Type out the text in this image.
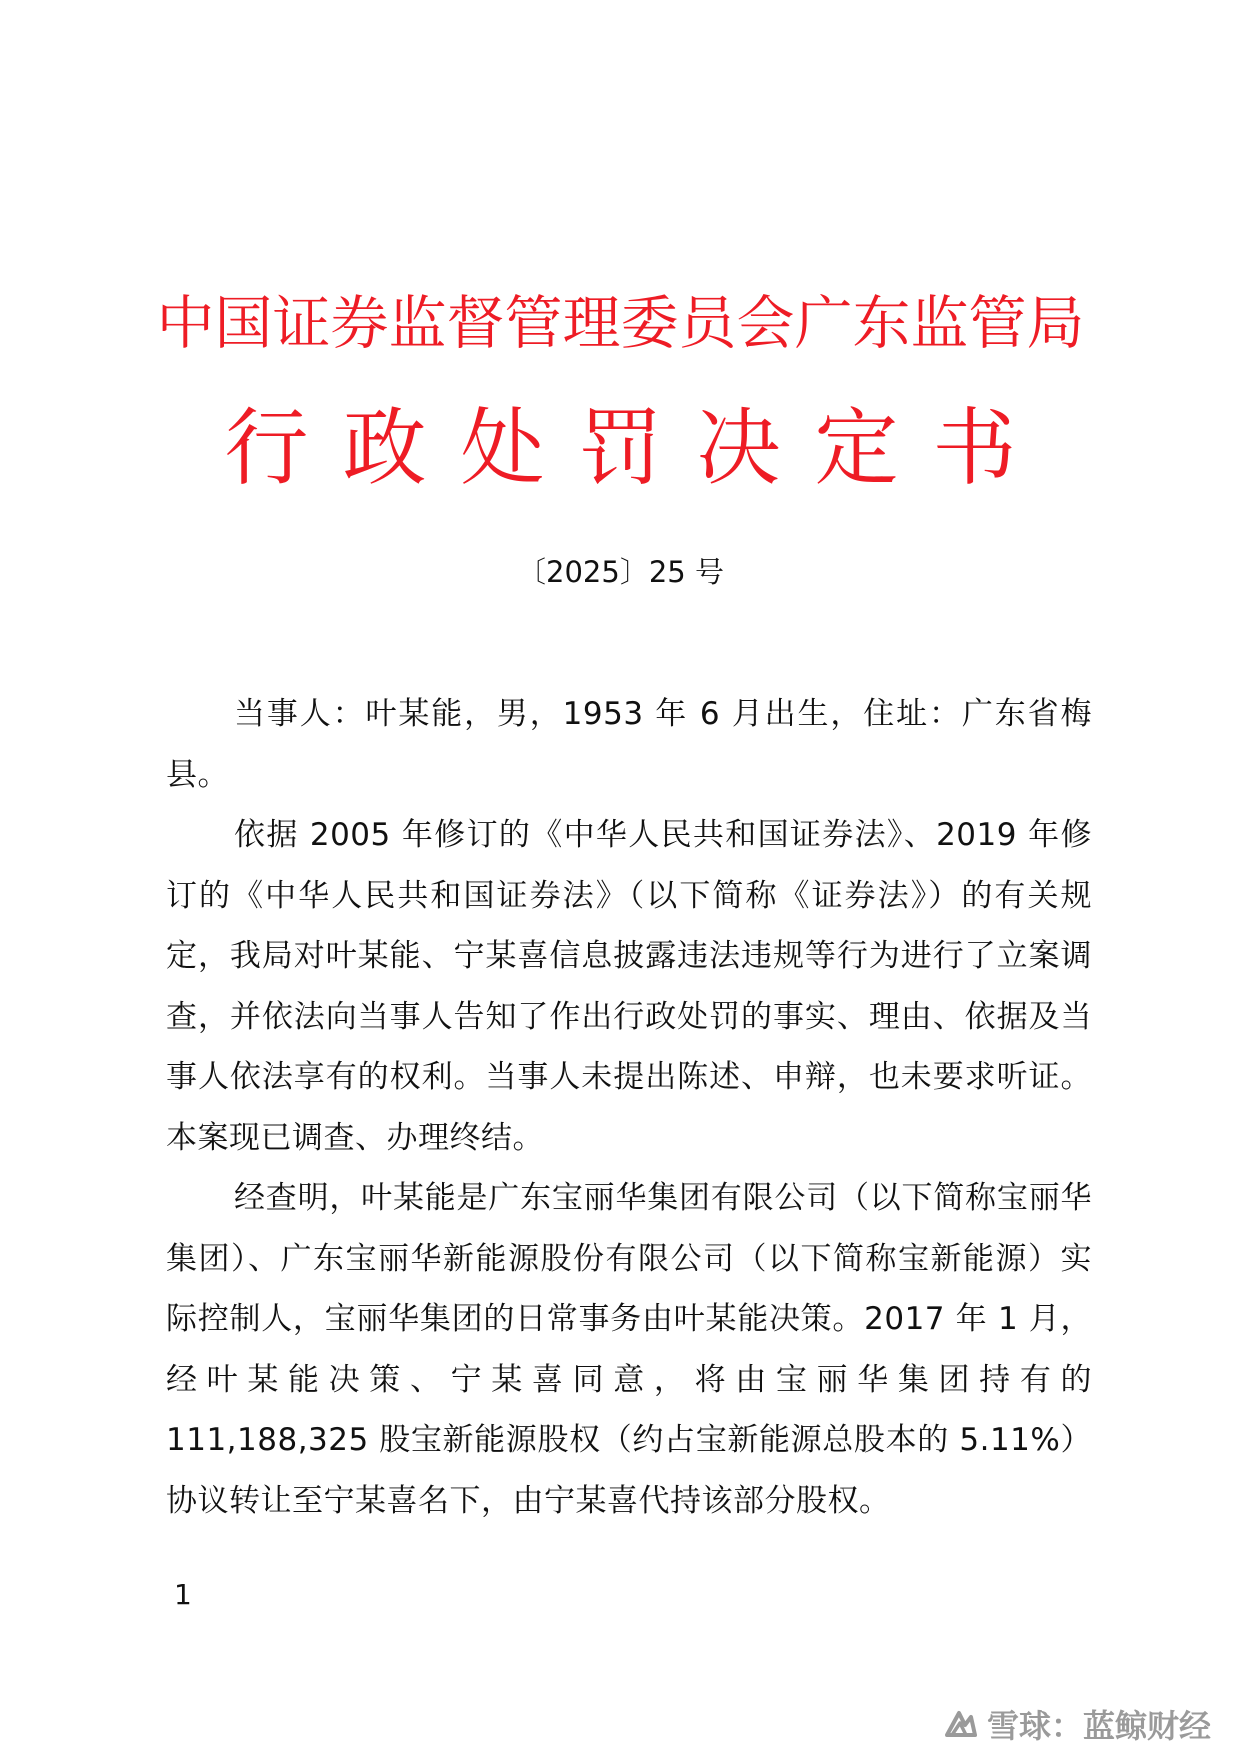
中国证券监督管理委员会广东监管局
行政处罚决定书
〔2025〕25 号

当事人：叶某能，男，1953 年 6 月出生，住址：广东省梅县。

依据 2005 年修订的《中华人民共和国证券法》、2019 年修订的《中华人民共和国证券法》（以下简称《证券法》）的有关规定，我局对叶某能、宁某喜信息披露违法违规等行为进行了立案调查，并依法向当事人告知了作出行政处罚的事实、理由、依据及当事人依法享有的权利。当事人未提出陈述、申辩，也未要求听证。本案现已调查、办理终结。

经查明，叶某能是广东宝丽华集团有限公司（以下简称宝丽华集团）、广东宝丽华新能源股份有限公司（以下简称宝新能源）实际控制人，宝丽华集团的日常事务由叶某能决策。2017 年 1 月，经叶某能决策、宁某喜同意，将由宝丽华集团持有的 111,188,325 股宝新能源股权（约占宝新能源总股本的 5.11%）协议转让至宁某喜名下，由宁某喜代持该部分股权。

1
雪球：蓝鲸财经
